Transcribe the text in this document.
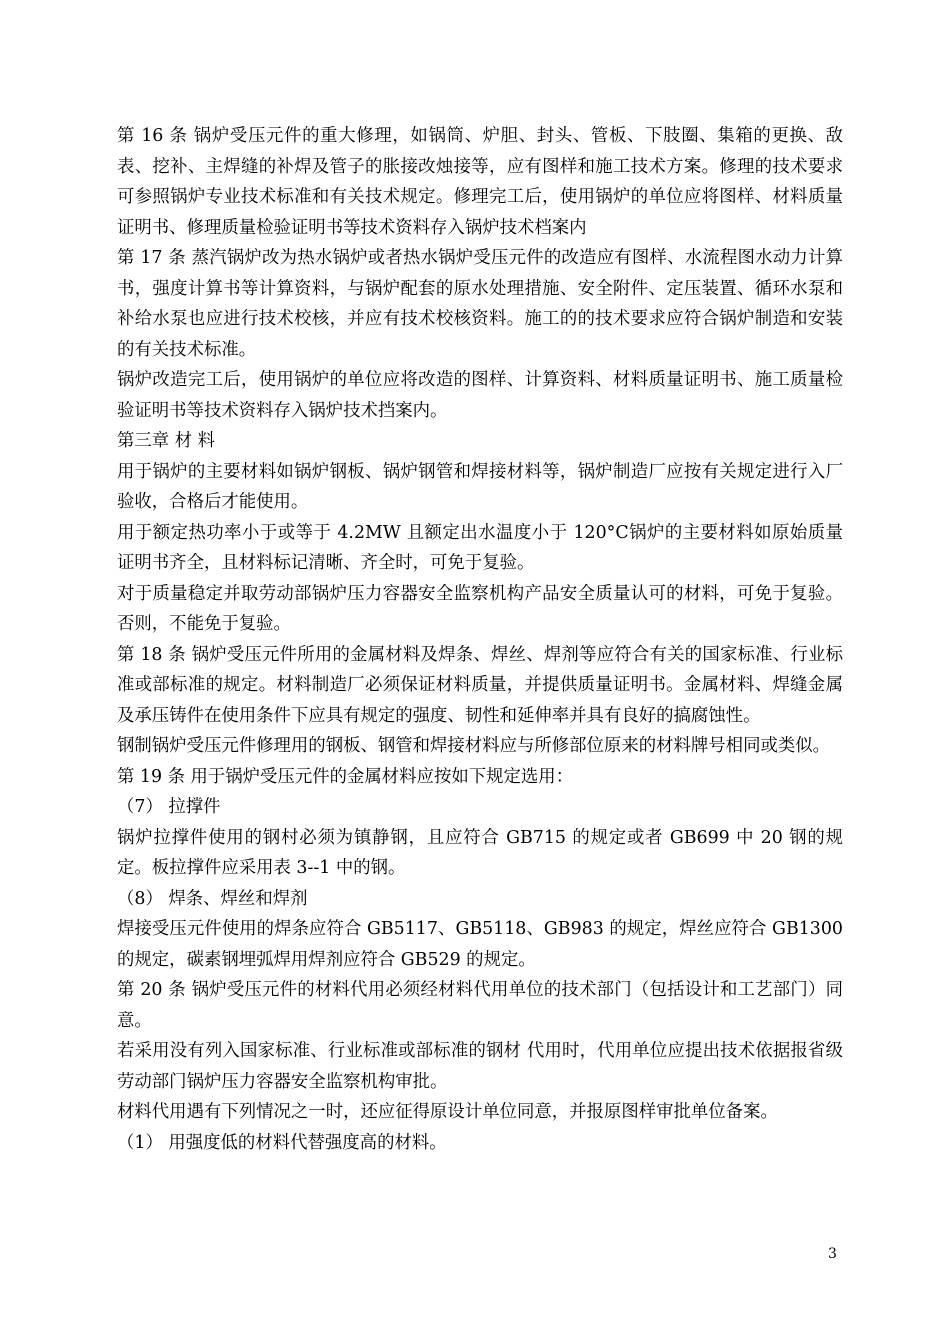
第 16 条 锅炉受压元件的重大修理，如锅筒、炉胆、封头、管板、下肢圈、集箱的更换、敌表、挖补、主焊缝的补焊及管子的胀接改烛接等，应有图样和施工技术方案。修理的技术要求可参照锅炉专业技术标准和有关技术规定。修理完工后，使用锅炉的单位应将图样、材料质量证明书、修理质量检验证明书等技术资料存入锅炉技术档案内

第 17 条 蒸汽锅炉改为热水锅炉或者热水锅炉受压元件的改造应有图样、水流程图水动力计算书，强度计算书等计算资料，与锅炉配套的原水处理措施、安全附件、定压装置、循环水泵和补给水泵也应进行技术校核，并应有技术校核资料。施工的的技术要求应符合锅炉制造和安装的有关技术标准。

锅炉改造完工后，使用锅炉的单位应将改造的图样、计算资料、材料质量证明书、施工质量检验证明书等技术资料存入锅炉技术挡案内。

第三章 材 料

用于锅炉的主要材料如锅炉钢板、锅炉钢管和焊接材料等，锅炉制造厂应按有关规定进行入厂验收，合格后才能使用。

用于额定热功率小于或等于 4.2MW 且额定出水温度小于 120°C锅炉的主要材料如原始质量证明书齐全，且材料标记清晰、齐全时，可免于复验。

对于质量稳定并取劳动部锅炉压力容器安全监察机构产品安全质量认可的材料，可免于复验。否则，不能免于复验。

第 18 条 锅炉受压元件所用的金属材料及焊条、焊丝、焊剂等应符合有关的国家标准、行业标准或部标准的规定。材料制造厂必须保证材料质量，并提供质量证明书。金属材料、焊缝金属及承压铸件在使用条件下应具有规定的强度、韧性和延伸率并具有良好的搞腐蚀性。

钢制锅炉受压元件修理用的钢板、钢管和焊接材料应与所修部位原来的材料牌号相同或类似。

第 19 条 用于锅炉受压元件的金属材料应按如下规定选用：

（7） 拉撑件

锅炉拉撑件使用的钢村必须为镇静钢，且应符合 GB715 的规定或者 GB699 中 20 钢的规定。板拉撑件应采用表 3--1 中的钢。

（8） 焊条、焊丝和焊剂

焊接受压元件使用的焊条应符合 GB5117、GB5118、GB983 的规定，焊丝应符合 GB1300 的规定，碳素钢埋弧焊用焊剂应符合 GB529 的规定。

第 20 条 锅炉受压元件的材料代用必须经材料代用单位的技术部门（包括设计和工艺部门）同意。

若采用没有列入国家标准、行业标准或部标准的钢材 代用时，代用单位应提出技术依据报省级劳动部门锅炉压力容器安全监察机构审批。

材料代用遇有下列情况之一时，还应征得原设计单位同意，并报原图样审批单位备案。

（1） 用强度低的材料代替强度高的材料。

3
